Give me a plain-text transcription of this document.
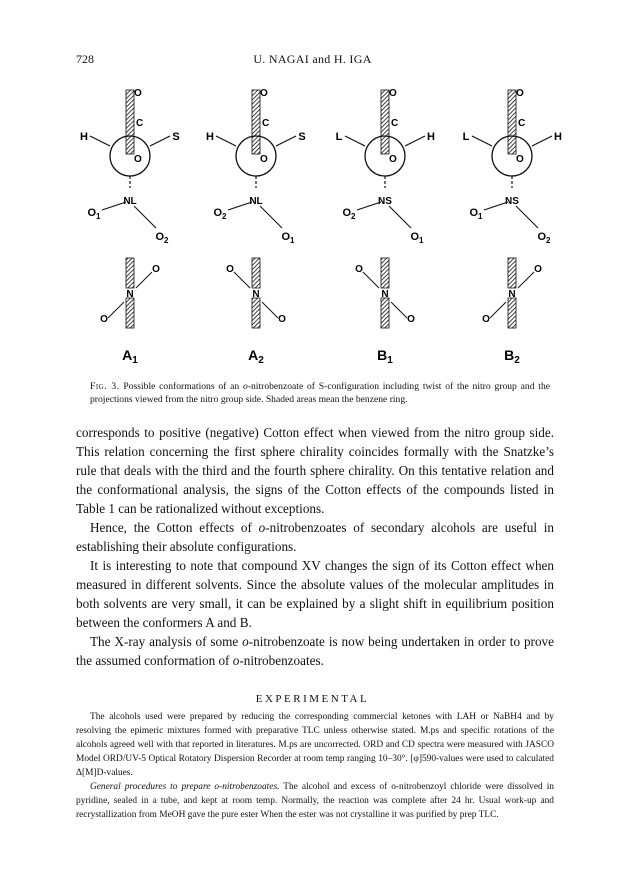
728	U. NAGAI and H. IGA
O
C
O
H	S
NL
$O_1$
$O_2$
N
O
O
$A_1$
O
C
O
H	S
NL
$O_2$
$O_1$
N
O
O
$A_2$
O
C
O
L	H
NS
$O_2$
$O_1$
N
O
O
$B_1$
O
C
O
L	H
NS
$O_1$
$O_2$
N
O
O
$B_2$
Fig. 3. Possible conformations of an o-nitrobenzoate of S-configuration including twist of the nitro group and the projections viewed from the nitro group side. Shaded areas mean the benzene ring.

corresponds to positive (negative) Cotton effect when viewed from the nitro group side. This relation concerning the first sphere chirality coincides formally with the Snatzke’s rule that deals with the third and the fourth sphere chirality. On this tentative relation and the conformational analysis, the signs of the Cotton effects of the compounds listed in Table 1 can be rationalized without exceptions.

Hence, the Cotton effects of o-nitrobenzoates of secondary alcohols are useful in establishing their absolute configurations.

It is interesting to note that compound XV changes the sign of its Cotton effect when measured in different solvents. Since the absolute values of the molecular amplitudes in both solvents are very small, it can be explained by a slight shift in equilibrium position between the conformers A and B.

The X-ray analysis of some o-nitrobenzoate is now being undertaken in order to prove the assumed conformation of o-nitrobenzoates.

EXPERIMENTAL

The alcohols used were prepared by reducing the corresponding commercial ketones with LAH or NaBH4 and by resolving the epimeric mixtures formed with preparative TLC unless otherwise stated. M.ps and specific rotations of the alcohols agreed well with that reported in literatures. M.ps are uncorrected. ORD and CD spectra were measured with JASCO Model ORD/UV-5 Optical Rotatory Dispersion Recorder at room temp ranging 10–30°. [φ]590-values were used to calculated Δ[M]D-values.

General procedures to prepare o-nitrobenzoates. The alcohol and excess of o-nitrobenzoyl chloride were dissolved in pyridine, sealed in a tube, and kept at room temp. Normally, the reaction was complete after 24 hr. Usual work-up and recrystallization from MeOH gave the pure ester When the ester was not crystalline it was purified by prep TLC.
